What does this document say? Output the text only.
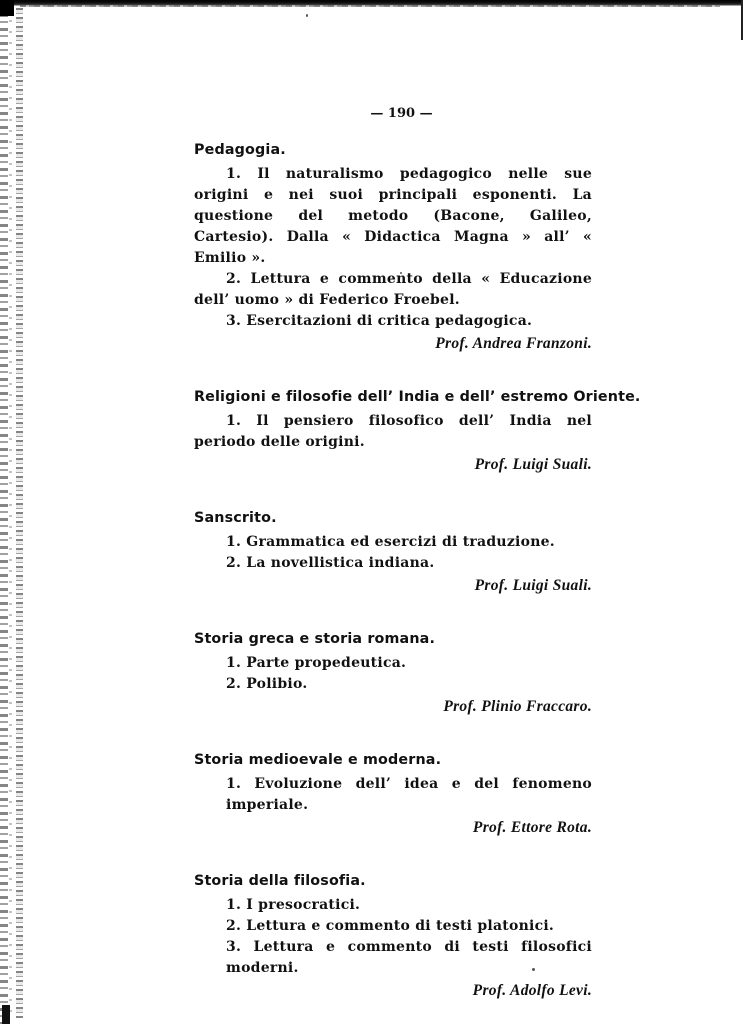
— 190 —
Pedagogia.

1. Il naturalismo pedagogico nelle sue origini e nei suoi principali esponenti. La questione del metodo (Bacone, Galileo, Cartesio). Dalla « Didactica Magna » all’ « Emilio ».

2. Lettura e commento della « Educazione dell’ uomo » di Federico Froebel.

3. Esercitazioni di critica pedagogica.

Prof. Andrea Franzoni.
Religioni e filosofie dell’ India e dell’ estremo Oriente.

1. Il pensiero filosofico dell’ India nel periodo delle origini.

Prof. Luigi Suali.
Sanscrito.

1. Grammatica ed esercizi di traduzione.

2. La novellistica indiana.

Prof. Luigi Suali.
Storia greca e storia romana.

1. Parte propedeutica.

2. Polibio.

Prof. Plinio Fraccaro.
Storia medioevale e moderna.

1. Evoluzione dell’ idea e del fenomeno imperiale.

Prof. Ettore Rota.
Storia della filosofia.

1. I presocratici.

2. Lettura e commento di testi platonici.

3. Lettura e commento di testi filosofici moderni.

Prof. Adolfo Levi.
